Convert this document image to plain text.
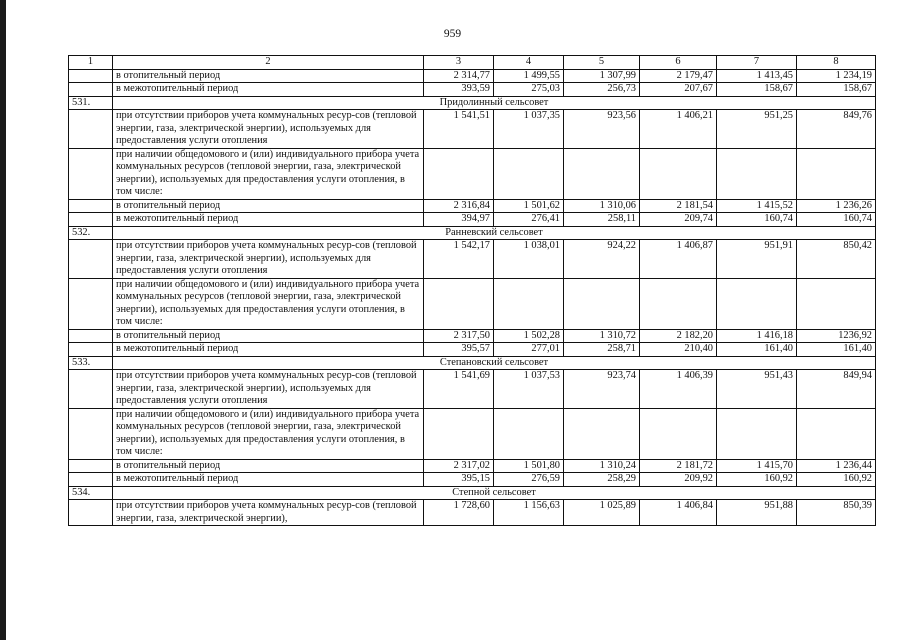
959
1	2	3	4	5	6	7	8
	в отопительный период	2 314,77	1 499,55	1 307,99	2 179,47	1 413,45	1 234,19
	в межотопительный период	393,59	275,03	256,73	207,67	158,67	158,67
531.	Придолинный сельсовет						
	при отсутствии приборов учета коммунальных ресур-сов (тепловой энергии, газа, электрической энергии), используемых для предоставления услуги отопления	1 541,51	1 037,35	923,56	1 406,21	951,25	849,76
	при наличии общедомового и (или) индивидуального прибора учета коммунальных ресурсов (тепловой энергии, газа, электрической энергии), используемых для предоставления услуги отопления, в том числе:						
	в отопительный период	2 316,84	1 501,62	1 310,06	2 181,54	1 415,52	1 236,26
	в межотопительный период	394,97	276,41	258,11	209,74	160,74	160,74
532.	Ранневский сельсовет						
	при отсутствии приборов учета коммунальных ресур-сов (тепловой энергии, газа, электрической энергии), используемых для предоставления услуги отопления	1 542,17	1 038,01	924,22	1 406,87	951,91	850,42
	при наличии общедомового и (или) индивидуального прибора учета коммунальных ресурсов (тепловой энергии, газа, электрической энергии), используемых для предоставления услуги отопления, в том числе:						
	в отопительный период	2 317,50	1 502,28	1 310,72	2 182,20	1 416,18	1236,92
	в межотопительный период	395,57	277,01	258,71	210,40	161,40	161,40
533.	Степановский сельсовет						
	при отсутствии приборов учета коммунальных ресур-сов (тепловой энергии, газа, электрической энергии), используемых для предоставления услуги отопления	1 541,69	1 037,53	923,74	1 406,39	951,43	849,94
	при наличии общедомового и (или) индивидуального прибора учета коммунальных ресурсов (тепловой энергии, газа, электрической энергии), используемых для предоставления услуги отопления, в том числе:						
	в отопительный период	2 317,02	1 501,80	1 310,24	2 181,72	1 415,70	1 236,44
	в межотопительный период	395,15	276,59	258,29	209,92	160,92	160,92
534.	Степной сельсовет						
	при отсутствии приборов учета коммунальных ресур-сов (тепловой энергии, газа, электрической энергии),	1 728,60	1 156,63	1 025,89	1 406,84	951,88	850,39
